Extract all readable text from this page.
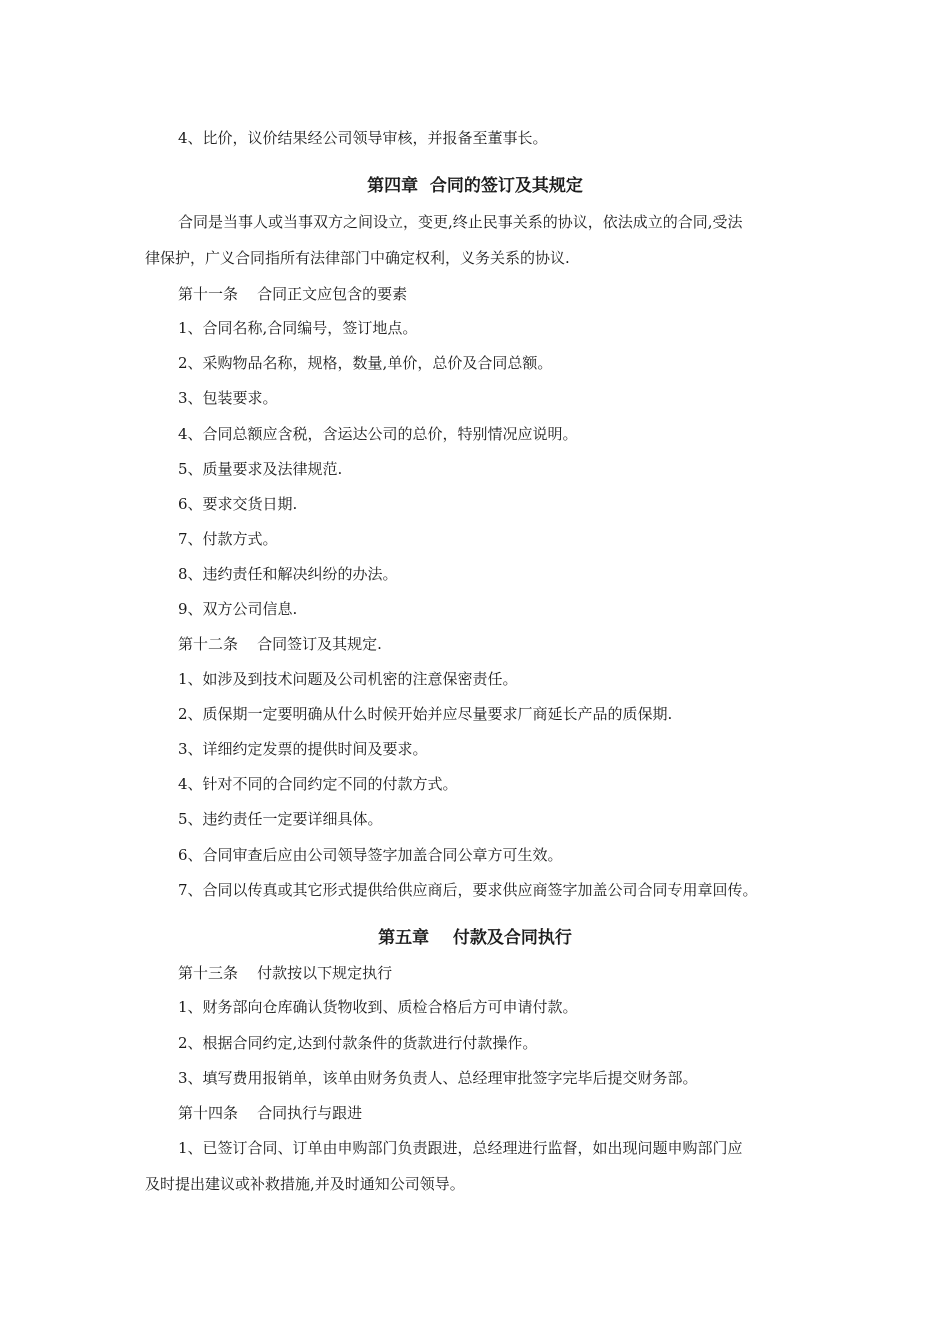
4、比价，议价结果经公司领导审核，并报备至董事长。
第四章  合同的签订及其规定
合同是当事人或当事双方之间设立，变更,终止民事关系的协议，依法成立的合同,受法
律保护，广义合同指所有法律部门中确定权利，义务关系的协议.
第十一条    合同正文应包含的要素
1、合同名称,合同编号，签订地点。
2、采购物品名称，规格，数量,单价，总价及合同总额。
3、包装要求。
4、合同总额应含税，含运达公司的总价，特别情况应说明。
5、质量要求及法律规范.
6、要求交货日期.
7、付款方式。
8、违约责任和解决纠纷的办法。
9、双方公司信息.
第十二条    合同签订及其规定.
1、如涉及到技术问题及公司机密的注意保密责任。
2、质保期一定要明确从什么时候开始并应尽量要求厂商延长产品的质保期.
3、详细约定发票的提供时间及要求。
4、针对不同的合同约定不同的付款方式。
5、违约责任一定要详细具体。
6、合同审查后应由公司领导签字加盖合同公章方可生效。
7、合同以传真或其它形式提供给供应商后，要求供应商签字加盖公司合同专用章回传。
第五章    付款及合同执行
第十三条    付款按以下规定执行
1、财务部向仓库确认货物收到、质检合格后方可申请付款。
2、根据合同约定,达到付款条件的货款进行付款操作。
3、填写费用报销单，该单由财务负责人、总经理审批签字完毕后提交财务部。
第十四条    合同执行与跟进
1、已签订合同、订单由申购部门负责跟进，总经理进行监督，如出现问题申购部门应
及时提出建议或补救措施,并及时通知公司领导。
